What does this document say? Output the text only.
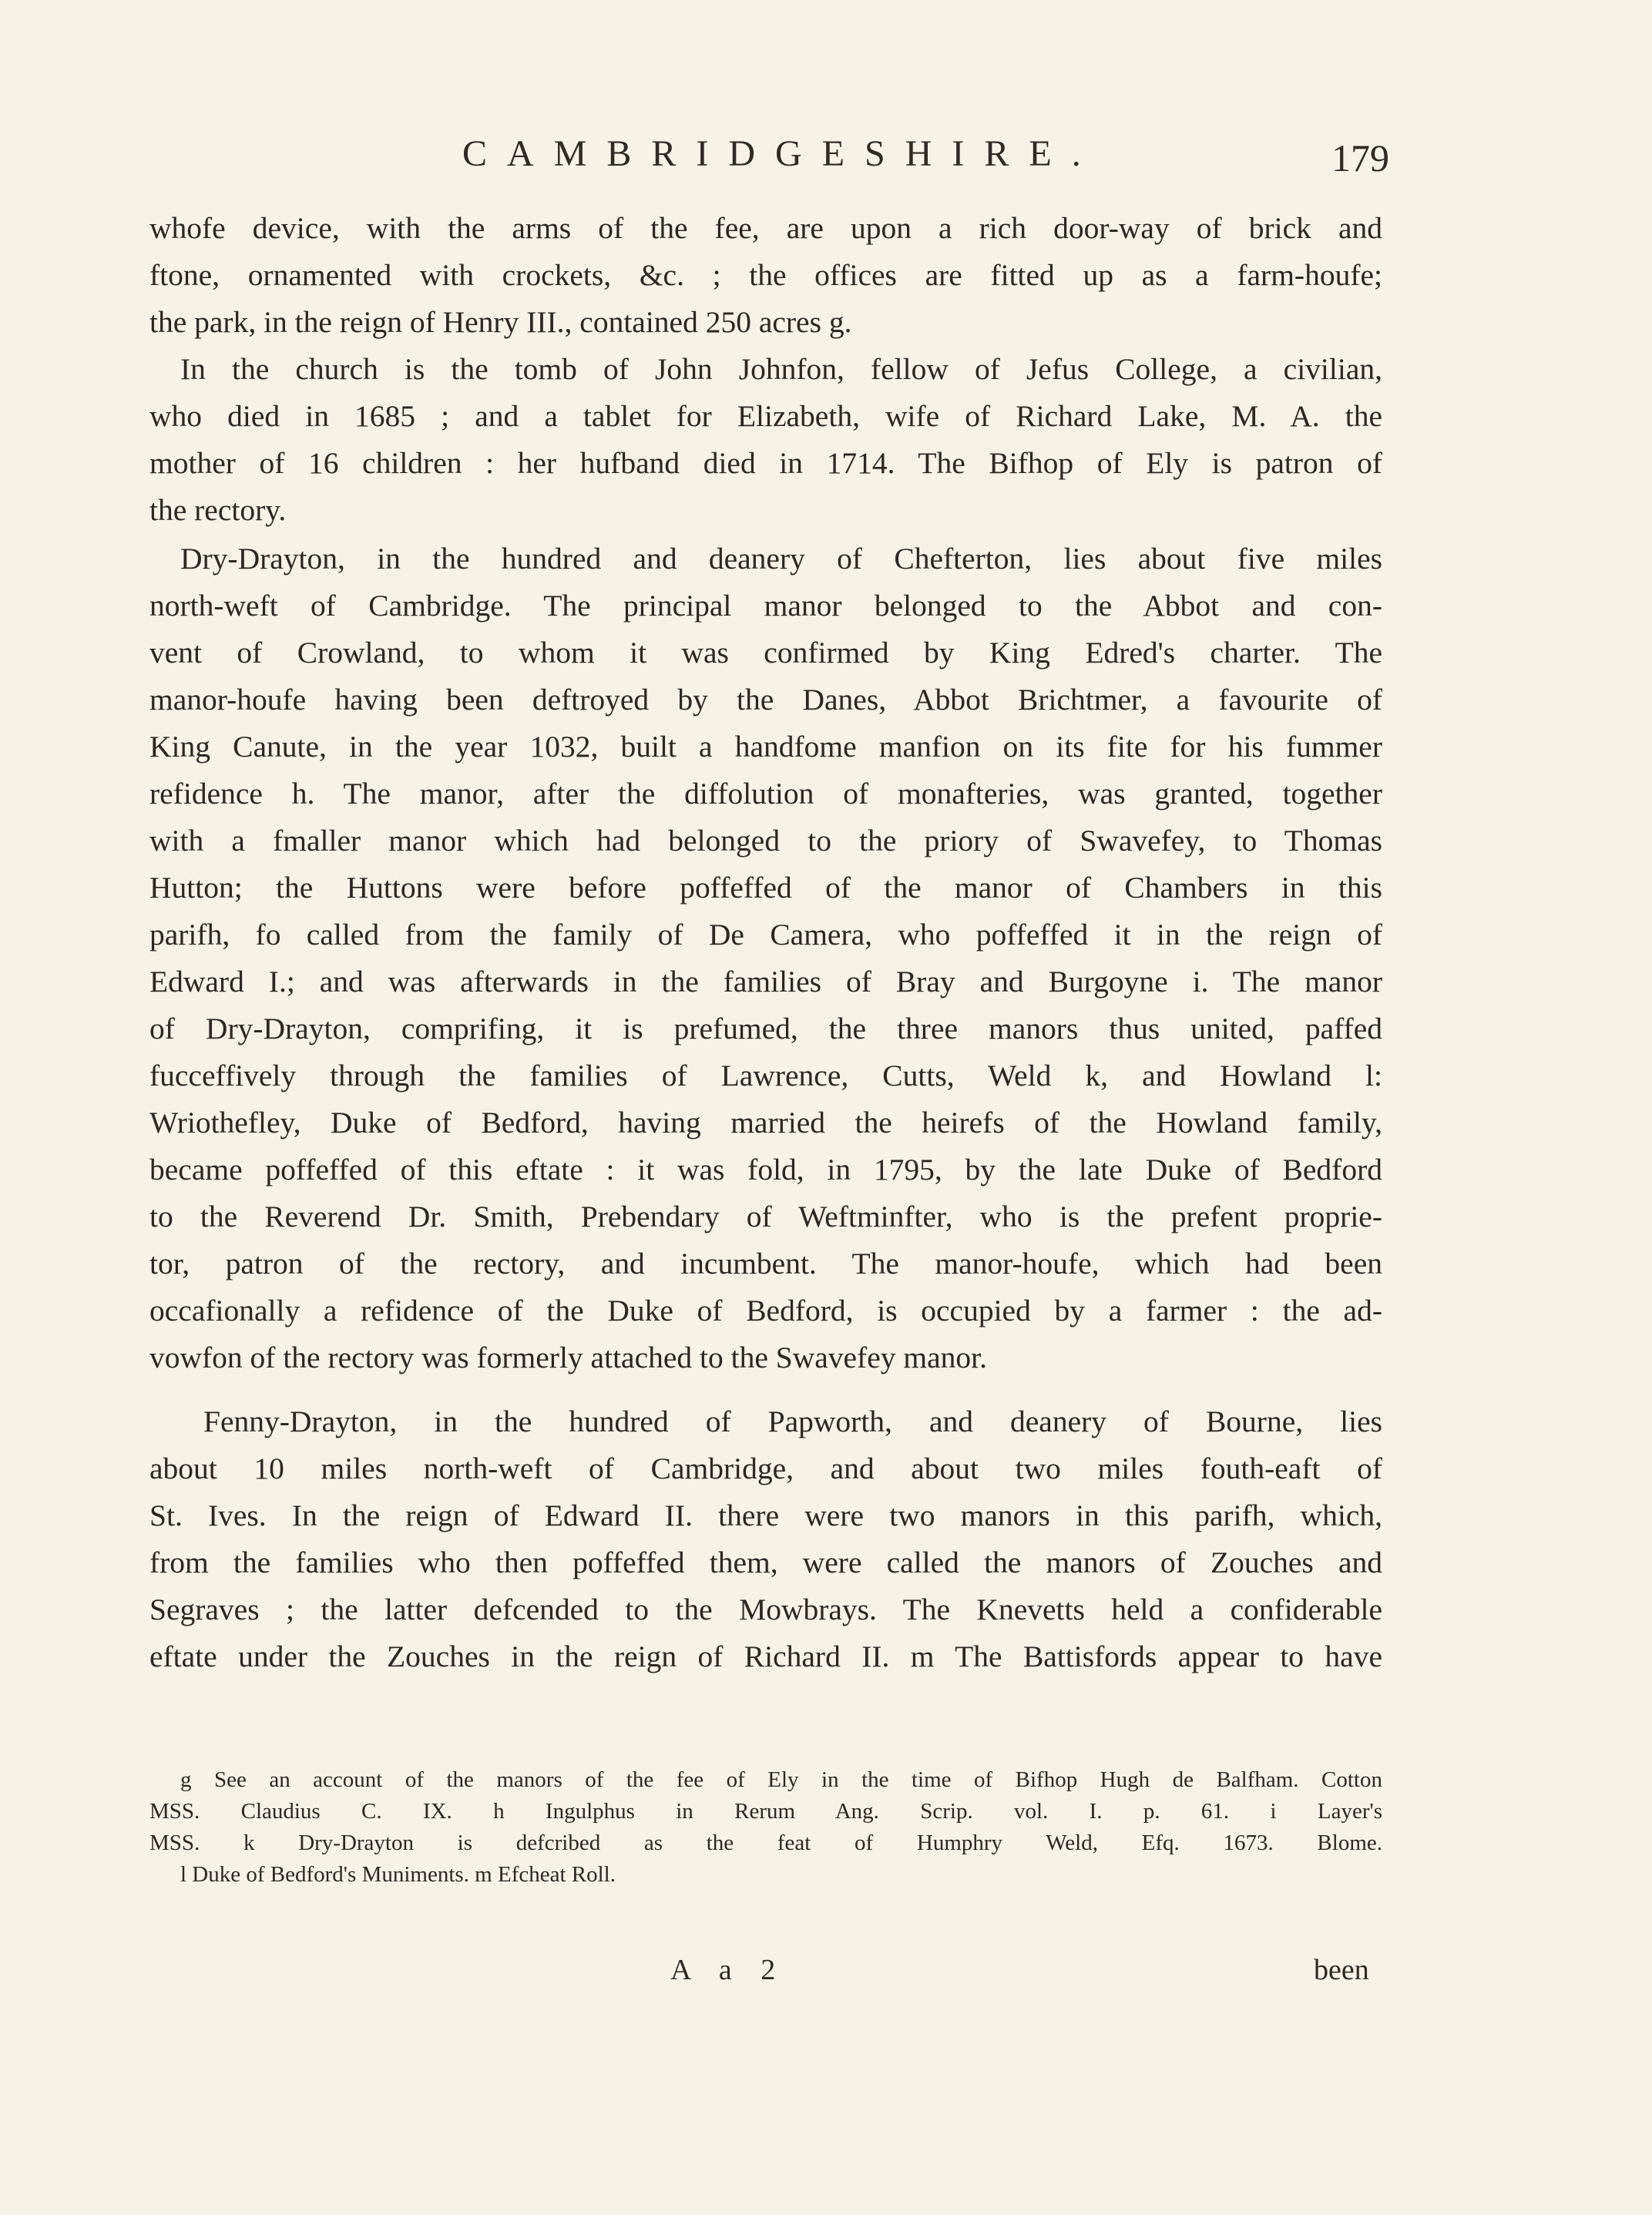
CAMBRIDGESHIRE.	179
whofe device, with the arms of the fee, are upon a rich door-way of brick and
ftone, ornamented with crockets, &c. ; the offices are fitted up as a farm-houfe;
the park, in the reign of Henry III., contained 250 acres g.
In the church is the tomb of John Johnfon, fellow of Jefus College, a civilian,
who died in 1685 ; and a tablet for Elizabeth, wife of Richard Lake, M. A. the
mother of 16 children : her hufband died in 1714. The Bifhop of Ely is patron of
the rectory.
Dry-Drayton, in the hundred and deanery of Chefterton, lies about five miles
north-weft of Cambridge. The principal manor belonged to the Abbot and con-
vent of Crowland, to whom it was confirmed by King Edred's charter. The
manor-houfe having been deftroyed by the Danes, Abbot Brichtmer, a favourite of
King Canute, in the year 1032, built a handfome manfion on its fite for his fummer
refidence h. The manor, after the diffolution of monafteries, was granted, together
with a fmaller manor which had belonged to the priory of Swavefey, to Thomas
Hutton; the Huttons were before poffeffed of the manor of Chambers in this
parifh, fo called from the family of De Camera, who poffeffed it in the reign of
Edward I.; and was afterwards in the families of Bray and Burgoyne i. The manor
of Dry-Drayton, comprifing, it is prefumed, the three manors thus united, paffed
fucceffively through the families of Lawrence, Cutts, Weld k, and Howland l:
Wriothefley, Duke of Bedford, having married the heirefs of the Howland family,
became poffeffed of this eftate : it was fold, in 1795, by the late Duke of Bedford
to the Reverend Dr. Smith, Prebendary of Weftminfter, who is the prefent proprie-
tor, patron of the rectory, and incumbent. The manor-houfe, which had been
occafionally a refidence of the Duke of Bedford, is occupied by a farmer : the ad-
vowfon of the rectory was formerly attached to the Swavefey manor.
Fenny-Drayton, in the hundred of Papworth, and deanery of Bourne, lies
about 10 miles north-weft of Cambridge, and about two miles fouth-eaft of
St. Ives. In the reign of Edward II. there were two manors in this parifh, which,
from the families who then poffeffed them, were called the manors of Zouches and
Segraves ; the latter defcended to the Mowbrays. The Knevetts held a confiderable
eftate under the Zouches in the reign of Richard II. m The Battisfords appear to have
g See an account of the manors of the fee of Ely in the time of Bifhop Hugh de Balfham. Cotton
MSS. Claudius C. IX. h Ingulphus in Rerum Ang. Scrip. vol. I. p. 61. i Layer's
MSS. k Dry-Drayton is defcribed as the feat of Humphry Weld, Efq. 1673. Blome.
l Duke of Bedford's Muniments. m Efcheat Roll.
A a 2	been
